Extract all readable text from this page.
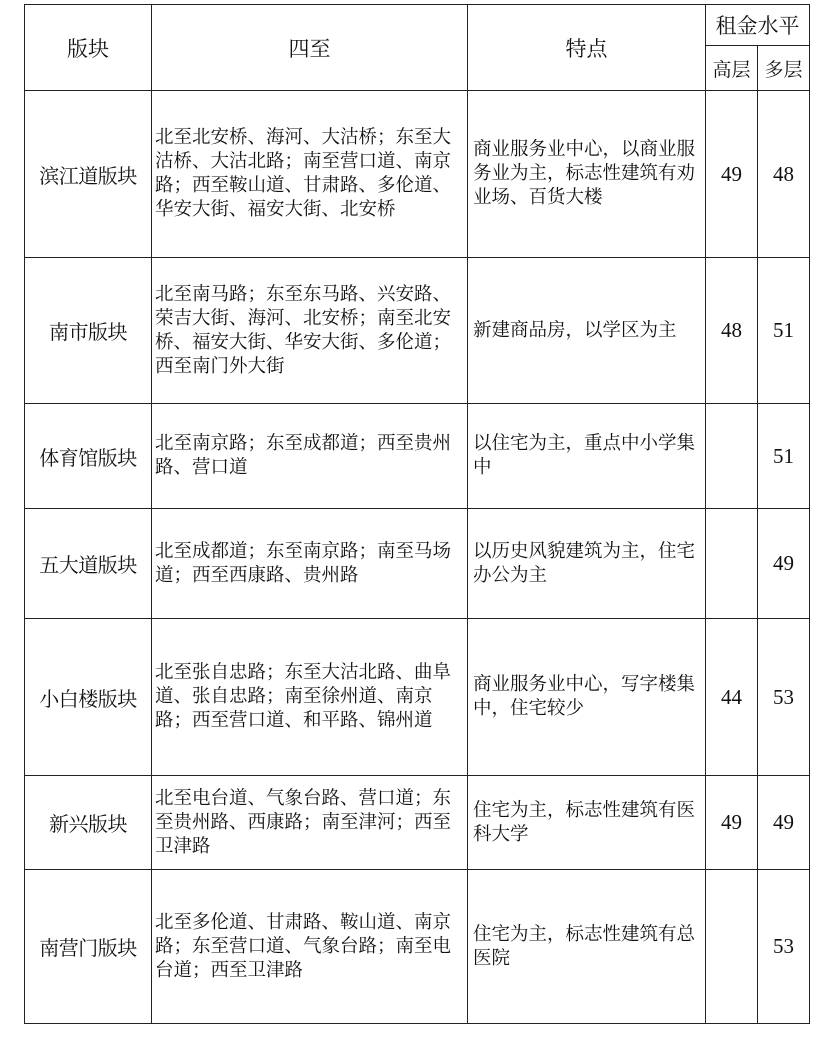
版块	四至	特点	租金水平	
			高层	多层
滨江道版块	北至北安桥、海河、大沽桥；东至大沽桥、大沽北路；南至营口道、南京路；西至鞍山道、甘肃路、多伦道、华安大街、福安大街、北安桥	商业服务业中心，以商业服务业为主，标志性建筑有劝业场、百货大楼	49	48
南市版块	北至南马路；东至东马路、兴安路、荣吉大街、海河、北安桥；南至北安桥、福安大街、华安大街、多伦道；西至南门外大街	新建商品房，以学区为主	48	51
体育馆版块	北至南京路；东至成都道；西至贵州路、营口道	以住宅为主，重点中小学集中		51
五大道版块	北至成都道；东至南京路；南至马场道；西至西康路、贵州路	以历史风貌建筑为主，住宅办公为主		49
小白楼版块	北至张自忠路；东至大沽北路、曲阜道、张自忠路；南至徐州道、南京路；西至营口道、和平路、锦州道	商业服务业中心，写字楼集中，住宅较少	44	53
新兴版块	北至电台道、气象台路、营口道；东至贵州路、西康路；南至津河；西至卫津路	住宅为主，标志性建筑有医科大学	49	49
南营门版块	北至多伦道、甘肃路、鞍山道、南京路；东至营口道、气象台路；南至电台道；西至卫津路	住宅为主，标志性建筑有总医院		53
